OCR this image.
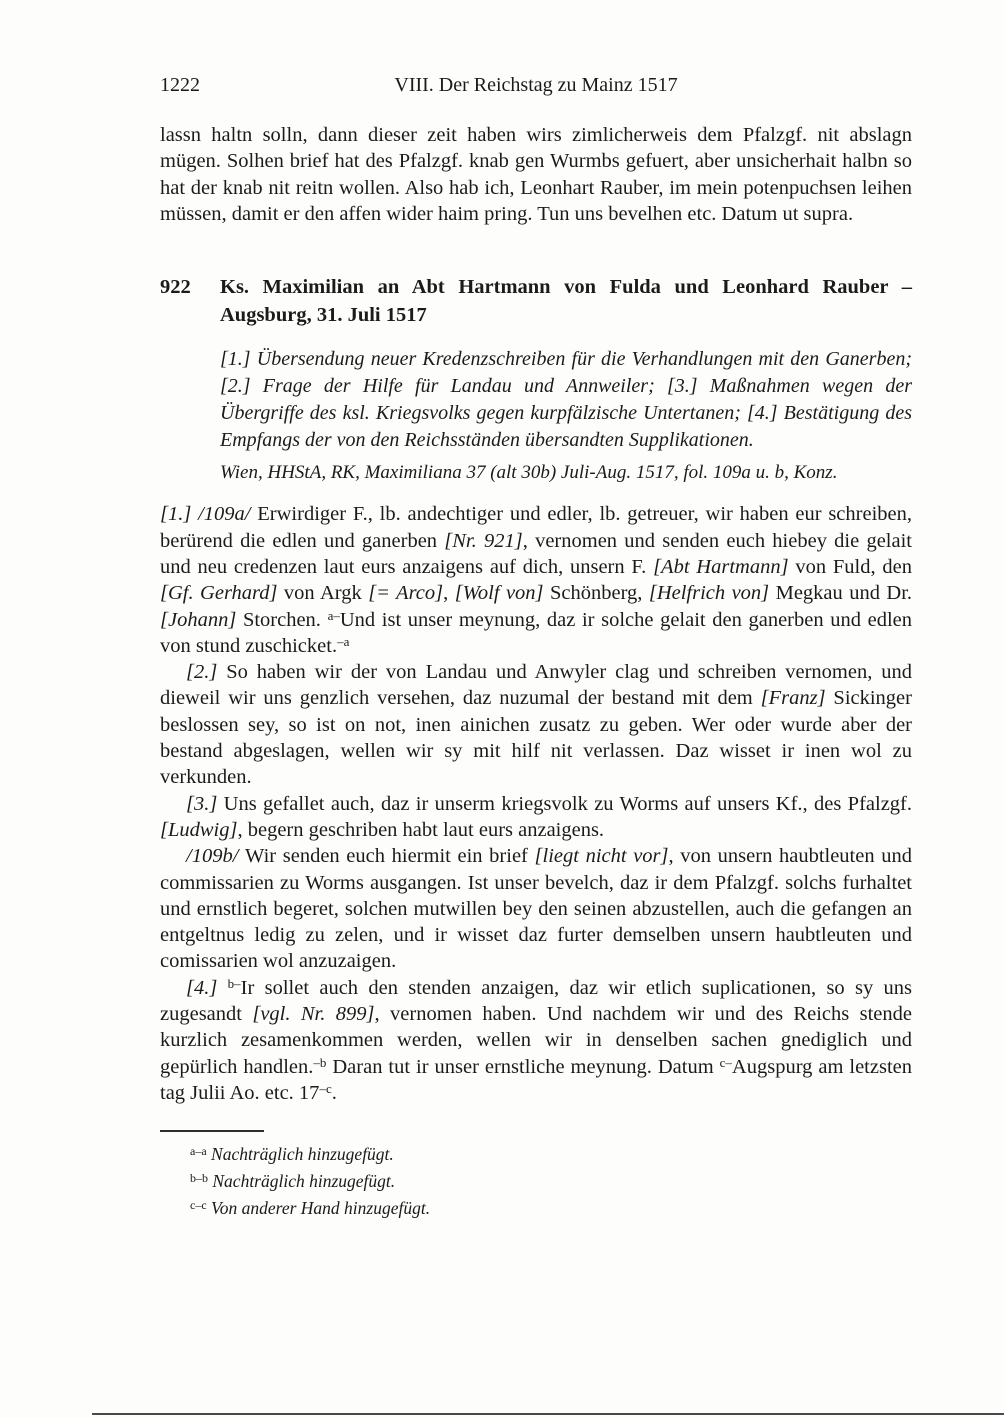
1222	VIII. Der Reichstag zu Mainz 1517

lassn haltn solln, dann dieser zeit haben wirs zimlicherweis dem Pfalzgf. nit abslagn mügen. Solhen brief hat des Pfalzgf. knab gen Wurmbs gefuert, aber unsicherhait halbn so hat der knab nit reitn wollen. Also hab ich, Leonhart Rauber, im mein potenpuchsen leihen müssen, damit er den affen wider haim pring. Tun uns bevelhen etc. Datum ut supra.

922	Ks. Maximilian an Abt Hartmann von Fulda und Leonhard Rauber – Augsburg, 31. Juli 1517

[1.] Übersendung neuer Kredenzschreiben für die Verhandlungen mit den Ganerben; [2.] Frage der Hilfe für Landau und Annweiler; [3.] Maßnahmen wegen der Übergriffe des ksl. Kriegsvolks gegen kurpfälzische Untertanen; [4.] Bestätigung des Empfangs der von den Reichsständen übersandten Supplikationen.

Wien, HHStA, RK, Maximiliana 37 (alt 30b) Juli-Aug. 1517, fol. 109a u. b, Konz.

[1.] /109a/ Erwirdiger F., lb. andechtiger und edler, lb. getreuer, wir haben eur schreiben, berürend die edlen und ganerben [Nr. 921], vernomen und senden euch hiebey die gelait und neu credenzen laut eurs anzaigens auf dich, unsern F. [Abt Hartmann] von Fuld, den [Gf. Gerhard] von Argk [= Arco], [Wolf von] Schönberg, [Helfrich von] Megkau und Dr. [Johann] Storchen. $^{a-}$Und ist unser meynung, daz ir solche gelait den ganerben und edlen von stund zuschicket.$^{-a}$

[2.] So haben wir der von Landau und Anwyler clag und schreiben vernomen, und dieweil wir uns genzlich versehen, daz nuzumal der bestand mit dem [Franz] Sickinger beslossen sey, so ist on not, inen ainichen zusatz zu geben. Wer oder wurde aber der bestand abgeslagen, wellen wir sy mit hilf nit verlassen. Daz wisset ir inen wol zu verkunden.

[3.] Uns gefallet auch, daz ir unserm kriegsvolk zu Worms auf unsers Kf., des Pfalzgf. [Ludwig], begern geschriben habt laut eurs anzaigens.

/109b/ Wir senden euch hiermit ein brief [liegt nicht vor], von unsern haubtleuten und commissarien zu Worms ausgangen. Ist unser bevelch, daz ir dem Pfalzgf. solchs furhaltet und ernstlich begeret, solchen mutwillen bey den seinen abzustellen, auch die gefangen an entgeltnus ledig zu zelen, und ir wisset daz furter demselben unsern haubtleuten und comissarien wol anzuzaigen.

[4.] $^{b-}$Ir sollet auch den stenden anzaigen, daz wir etlich suplicationen, so sy uns zugesandt [vgl. Nr. 899], vernomen haben. Und nachdem wir und des Reichs stende kurzlich zesamenkommen werden, wellen wir in denselben sachen gnediglich und gepürlich handlen.$^{-b}$ Daran tut ir unser ernstliche meynung. Datum $^{c-}$Augspurg am letzsten tag Julii Ao. etc. 17$^{-c}$.

$^{a-a}$ Nachträglich hinzugefügt.

$^{b-b}$ Nachträglich hinzugefügt.

$^{c-c}$ Von anderer Hand hinzugefügt.
